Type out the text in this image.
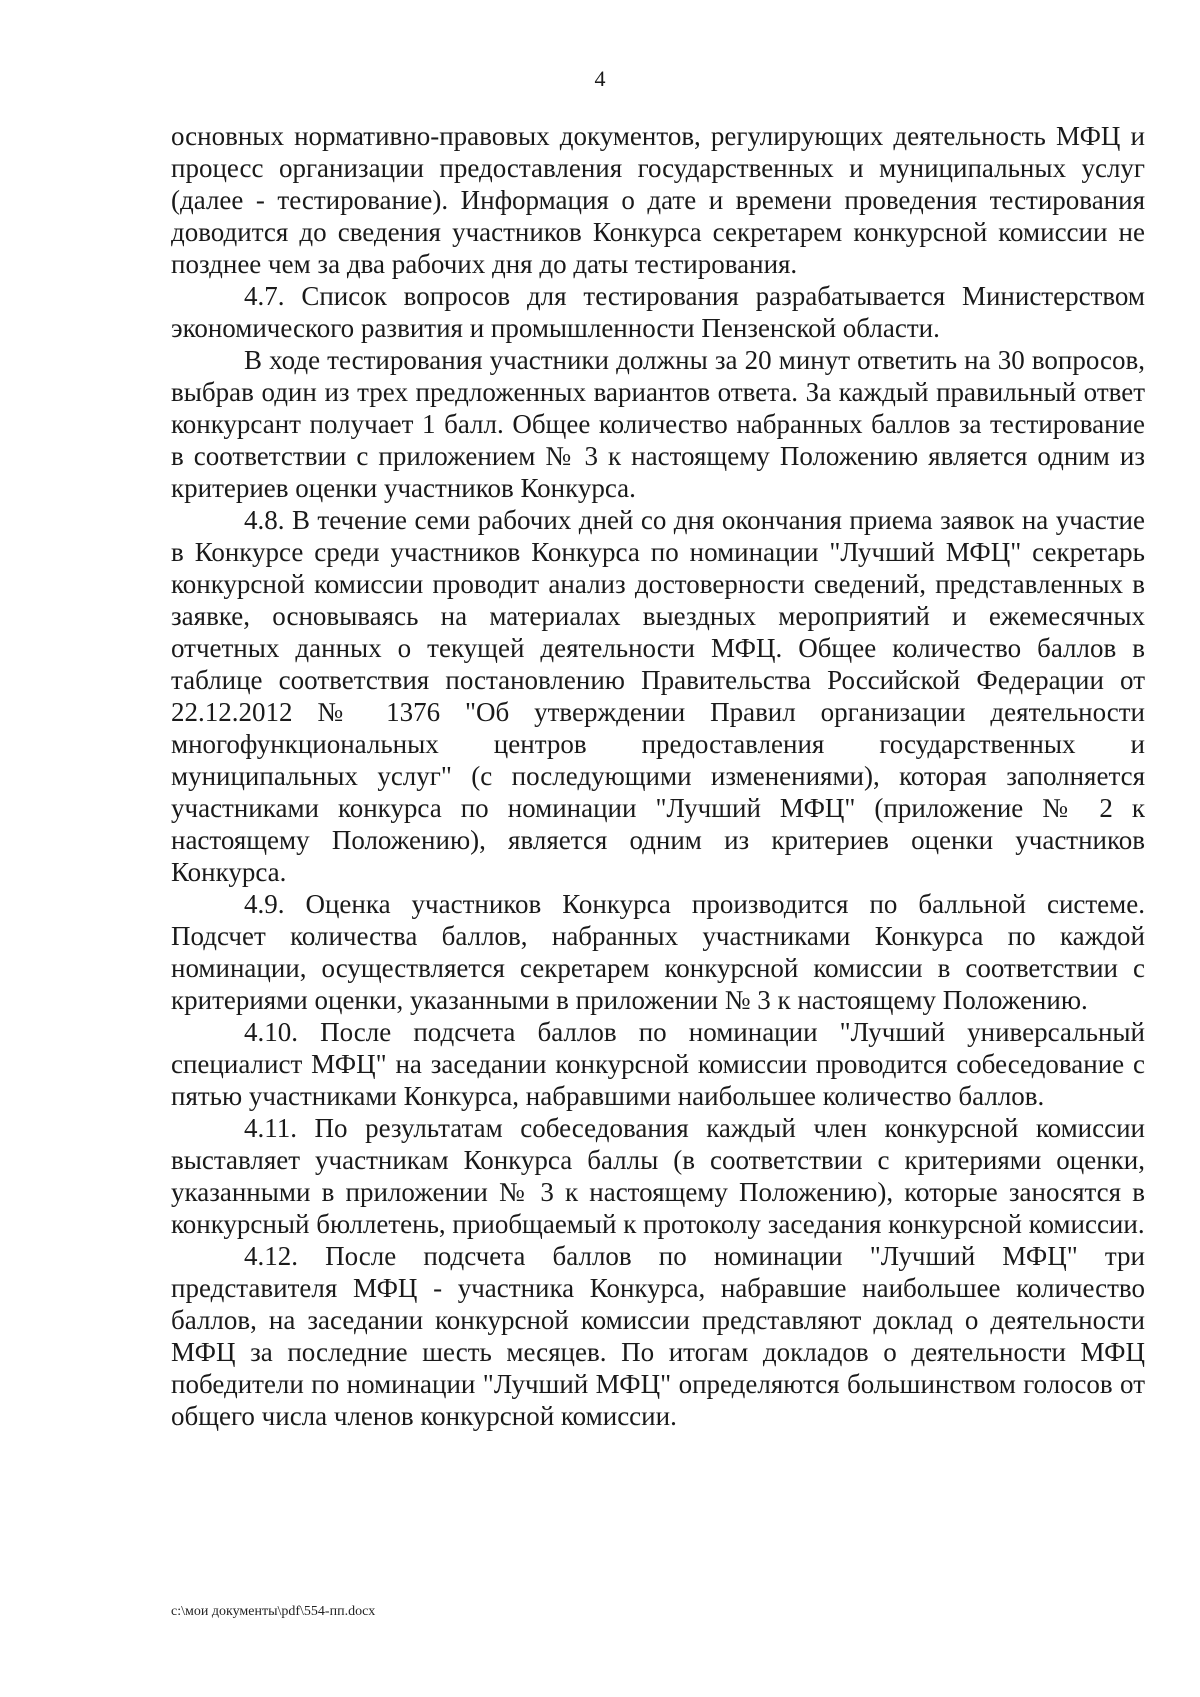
4

основных нормативно-правовых документов, регулирующих деятельность МФЦ и процесс организации предоставления государственных и муниципальных услуг (далее - тестирование). Информация о дате и времени проведения тестирования доводится до сведения участников Конкурса секретарем конкурсной комиссии не позднее чем за два рабочих дня до даты тестирования.

4.7. Список вопросов для тестирования разрабатывается Министерством экономического развития и промышленности Пензенской области.

В ходе тестирования участники должны за 20 минут ответить на 30 вопросов, выбрав один из трех предложенных вариантов ответа. За каждый правильный ответ конкурсант получает 1 балл. Общее количество набранных баллов за тестирование в соответствии с приложением № 3 к настоящему Положению является одним из критериев оценки участников Конкурса.

4.8. В течение семи рабочих дней со дня окончания приема заявок на участие в Конкурсе среди участников Конкурса по номинации "Лучший МФЦ" секретарь конкурсной комиссии проводит анализ достоверности сведений, представленных в заявке, основываясь на материалах выездных мероприятий и ежемесячных отчетных данных о текущей деятельности МФЦ. Общее количество баллов в таблице соответствия постановлению Правительства Российской Федерации от 22.12.2012 № 1376 "Об утверждении Правил организации деятельности многофункциональных центров предоставления государственных и муниципальных услуг" (с последующими изменениями), которая заполняется участниками конкурса по номинации "Лучший МФЦ" (приложение № 2 к настоящему Положению), является одним из критериев оценки участников Конкурса.

4.9. Оценка участников Конкурса производится по балльной системе. Подсчет количества баллов, набранных участниками Конкурса по каждой номинации, осуществляется секретарем конкурсной комиссии в соответствии с критериями оценки, указанными в приложении № 3 к настоящему Положению.

4.10. После подсчета баллов по номинации "Лучший универсальный специалист МФЦ" на заседании конкурсной комиссии проводится собеседование с пятью участниками Конкурса, набравшими наибольшее количество баллов.

4.11. По результатам собеседования каждый член конкурсной комиссии выставляет участникам Конкурса баллы (в соответствии с критериями оценки, указанными в приложении № 3 к настоящему Положению), которые заносятся в конкурсный бюллетень, приобщаемый к протоколу заседания конкурсной комиссии.

4.12. После подсчета баллов по номинации "Лучший МФЦ" три представителя МФЦ - участника Конкурса, набравшие наибольшее количество баллов, на заседании конкурсной комиссии представляют доклад о деятельности МФЦ за последние шесть месяцев. По итогам докладов о деятельности МФЦ победители по номинации "Лучший МФЦ" определяются большинством голосов от общего числа членов конкурсной комиссии.

c:\мои документы\pdf\554-пп.docx
